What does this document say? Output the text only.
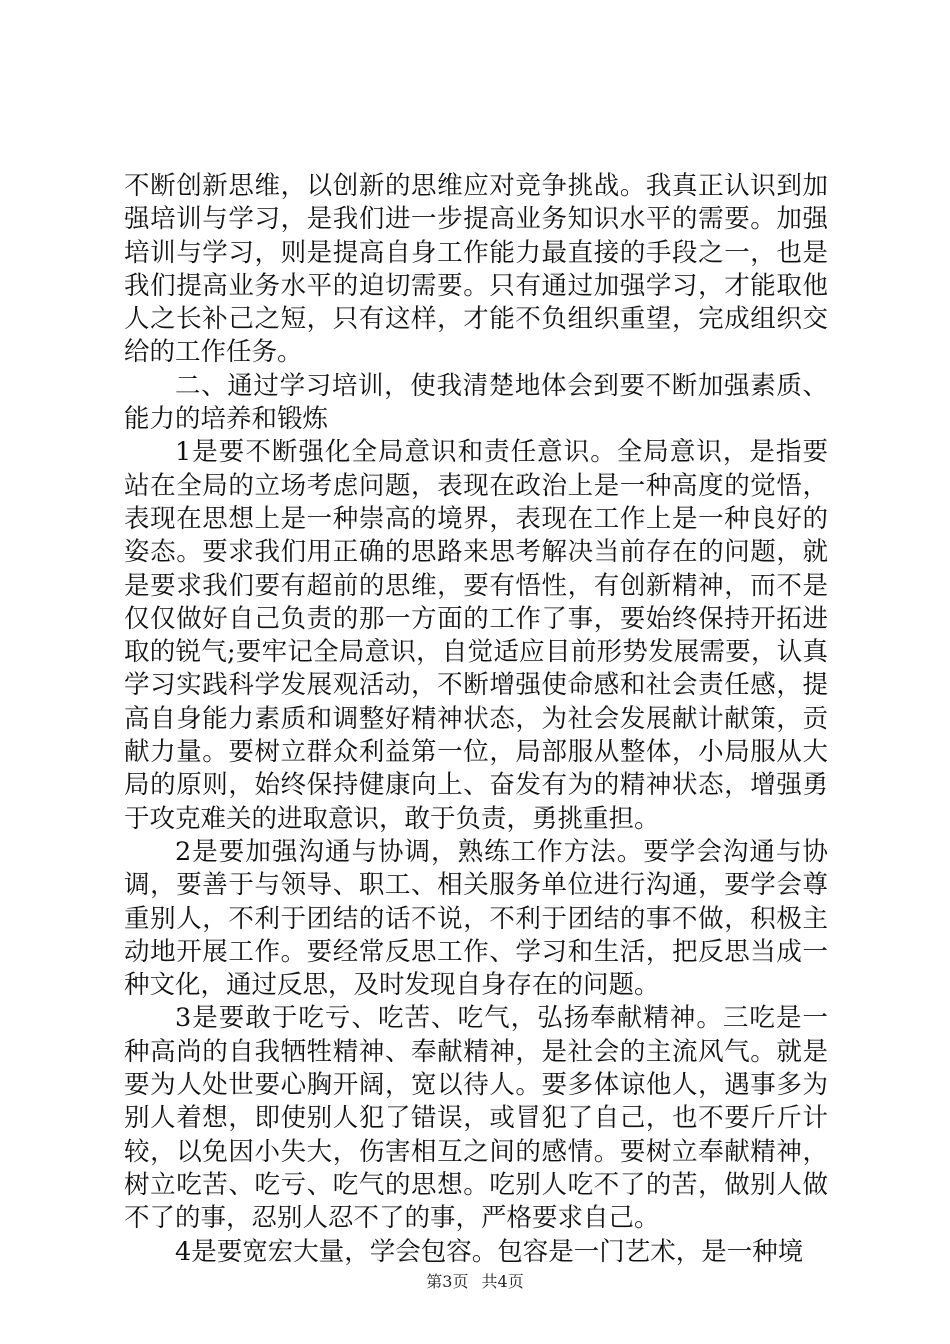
不断创新思维，以创新的思维应对竞争挑战。我真正认识到加强培训与学习，是我们进一步提高业务知识水平的需要。加强培训与学习，则是提高自身工作能力最直接的手段之一，也是我们提高业务水平的迫切需要。只有通过加强学习，才能取他人之长补己之短，只有这样，才能不负组织重望，完成组织交给的工作任务。

二、通过学习培训，使我清楚地体会到要不断加强素质、能力的培养和锻炼

1是要不断强化全局意识和责任意识。全局意识，是指要站在全局的立场考虑问题，表现在政治上是一种高度的觉悟，表现在思想上是一种崇高的境界，表现在工作上是一种良好的姿态。要求我们用正确的思路来思考解决当前存在的问题，就是要求我们要有超前的思维，要有悟性，有创新精神，而不是仅仅做好自己负责的那一方面的工作了事，要始终保持开拓进取的锐气;要牢记全局意识，自觉适应目前形势发展需要，认真学习实践科学发展观活动，不断增强使命感和社会责任感，提高自身能力素质和调整好精神状态，为社会发展献计献策，贡献力量。要树立群众利益第一位，局部服从整体，小局服从大局的原则，始终保持健康向上、奋发有为的精神状态，增强勇于攻克难关的进取意识，敢于负责，勇挑重担。

2是要加强沟通与协调，熟练工作方法。要学会沟通与协调，要善于与领导、职工、相关服务单位进行沟通，要学会尊重别人，不利于团结的话不说，不利于团结的事不做，积极主动地开展工作。要经常反思工作、学习和生活，把反思当成一种文化，通过反思，及时发现自身存在的问题。

3是要敢于吃亏、吃苦、吃气，弘扬奉献精神。三吃是一种高尚的自我牺牲精神、奉献精神，是社会的主流风气。就是要为人处世要心胸开阔，宽以待人。要多体谅他人，遇事多为别人着想，即使别人犯了错误，或冒犯了自己，也不要斤斤计较，以免因小失大，伤害相互之间的感情。要树立奉献精神，树立吃苦、吃亏、吃气的思想。吃别人吃不了的苦，做别人做不了的事，忍别人忍不了的事，严格要求自己。

4是要宽宏大量，学会包容。包容是一门艺术，是一种境

第3页 共4页
